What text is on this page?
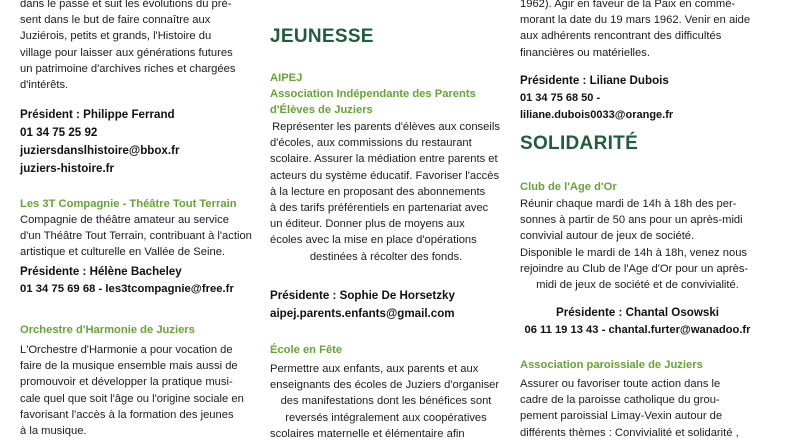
dans le passé et suit les évolutions du pré-

sent dans le but de faire connaître aux

Juziérois, petits et grands, l'Histoire du

village pour laisser aux générations futures

un patrimoine d'archives riches et chargées

d'intérêts.

Président : Philippe Ferrand

01 34 75 25 92

juziersdanslhistoire@bbox.fr

juziers-histoire.fr

Les 3T Compagnie - Théâtre Tout Terrain

Compagnie de théâtre amateur au service

d'un Théâtre Tout Terrain, contribuant à l'action

artistique et culturelle en Vallée de Seine.

Présidente : Hélène Bacheley

01 34 75 69 68 - les3tcompagnie@free.fr

Orchestre d'Harmonie de Juziers

L'Orchestre d'Harmonie a pour vocation de

faire de la musique ensemble mais aussi de

promouvoir et développer la pratique musi-

cale quel que soit l'âge ou l'origine sociale en

favorisant l'accès à la formation des jeunes

à la musique.

JEUNESSE

AIPEJ

Association Indépendante des Parents

d'Élèves de Juziers

Représenter les parents d'élèves aux conseils

d'écoles, aux commissions du restaurant

scolaire. Assurer la médiation entre parents et

acteurs du système éducatif. Favoriser l'accès

à la lecture en proposant des abonnements

à des tarifs préférentiels en partenariat avec

un éditeur. Donner plus de moyens aux

écoles avec la mise en place d'opérations

destinées à récolter des fonds.

Présidente : Sophie De Horsetzky

aipej.parents.enfants@gmail.com

École en Fête

Permettre aux enfants, aux parents et aux

enseignants des écoles de Juziers d'organiser

des manifestations dont les bénéfices sont

reversés intégralement aux coopératives

scolaires maternelle et élémentaire afin

1962). Agir en faveur de la Paix en commé-

morant la date du 19 mars 1962. Venir en aide

aux adhérents rencontrant des difficultés

financières ou matérielles.

Présidente : Liliane Dubois

01 34 75 68 50 - liliane.dubois0033@orange.fr

SOLIDARITÉ

Club de l'Age d'Or

Réunir chaque mardi de 14h à 18h des per-

sonnes à partir de 50 ans pour un après-midi

convivial autour de jeux de société.

Disponible le mardi de 14h à 18h, venez nous

rejoindre au Club de l'Age d'Or pour un après-

midi de jeux de société et de convivialité.

Présidente : Chantal Osowski

06 11 19 13 43 - chantal.furter@wanadoo.fr

Association paroissiale de Juziers

Assurer ou favoriser toute action dans le

cadre de la paroisse catholique du grou-

pement paroissial Limay-Vexin autour de

différents thèmes : Convivialité et solidarité ,
